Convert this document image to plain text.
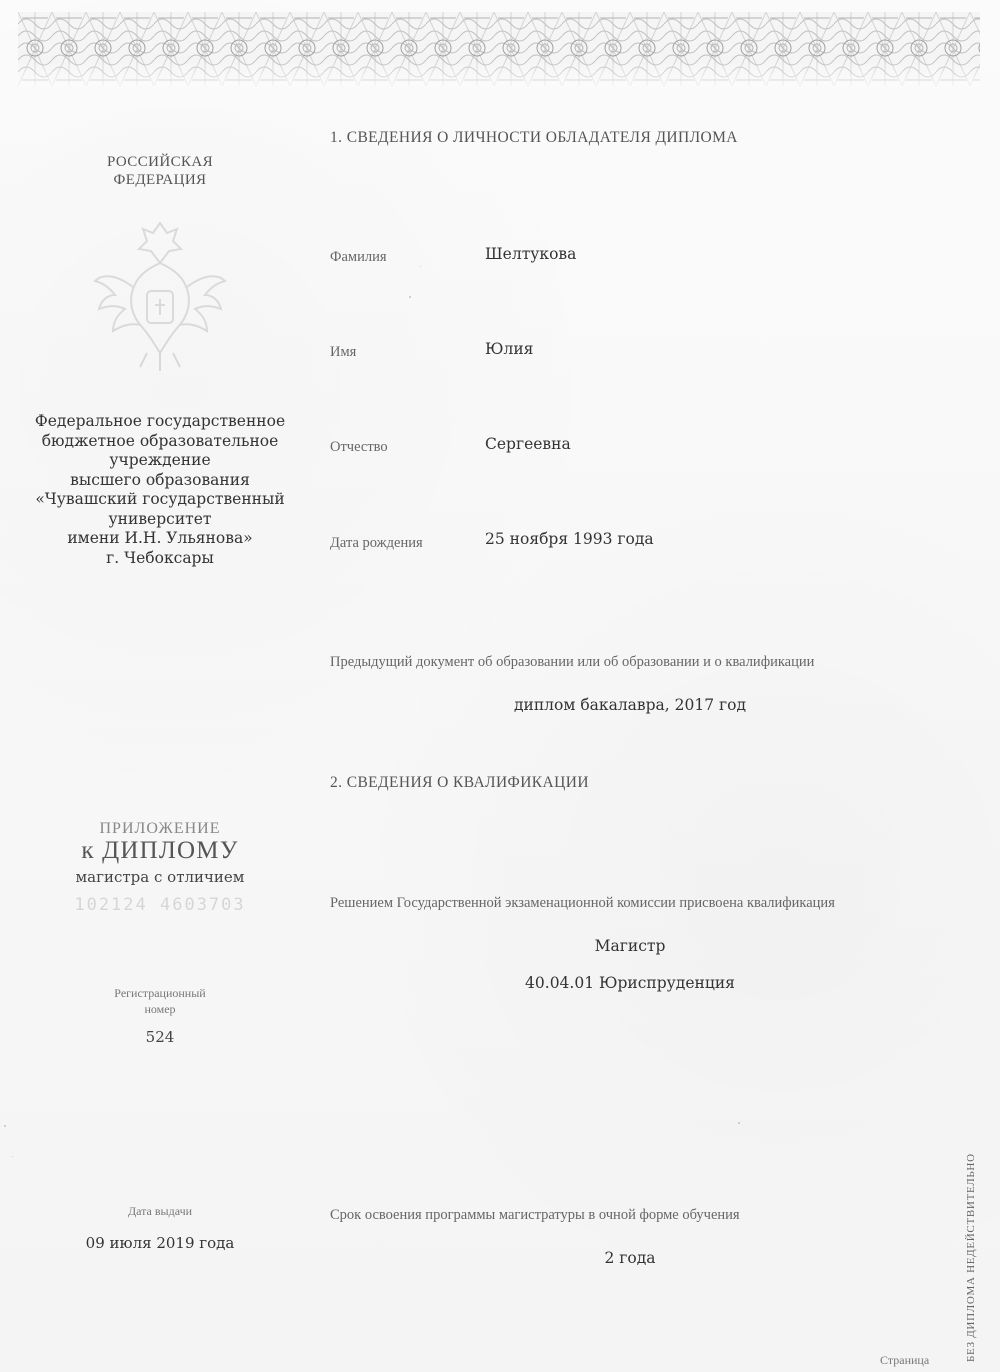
РОССИЙСКАЯ
ФЕДЕРАЦИЯ
Федеральное государственное
бюджетное образовательное
учреждение
высшего образования
«Чувашский государственный
университет
имени И.Н. Ульянова»
г. Чебоксары
ПРИЛОЖЕНИЕ
к ДИПЛОМУ
магистра с отличием
102124 4603703
Регистрационный
номер
524
Дата выдачи
09 июля 2019 года
1. СВЕДЕНИЯ О ЛИЧНОСТИ ОБЛАДАТЕЛЯ ДИПЛОМА
Фамилия	Шелтукова
Имя	Юлия
Отчество	Сергеевна
Дата рождения	25 ноября 1993 года
Предыдущий документ об образовании или об образовании и о квалификации
диплом бакалавра, 2017 год
2. СВЕДЕНИЯ О КВАЛИФИКАЦИИ
Решением Государственной экзаменационной комиссии присвоена квалификация
Магистр
40.04.01 Юриспруденция
Срок освоения программы магистратуры в очной форме обучения
2 года	БЕЗ ДИПЛОМА НЕДЕЙСТВИТЕЛЬНО
Страница
